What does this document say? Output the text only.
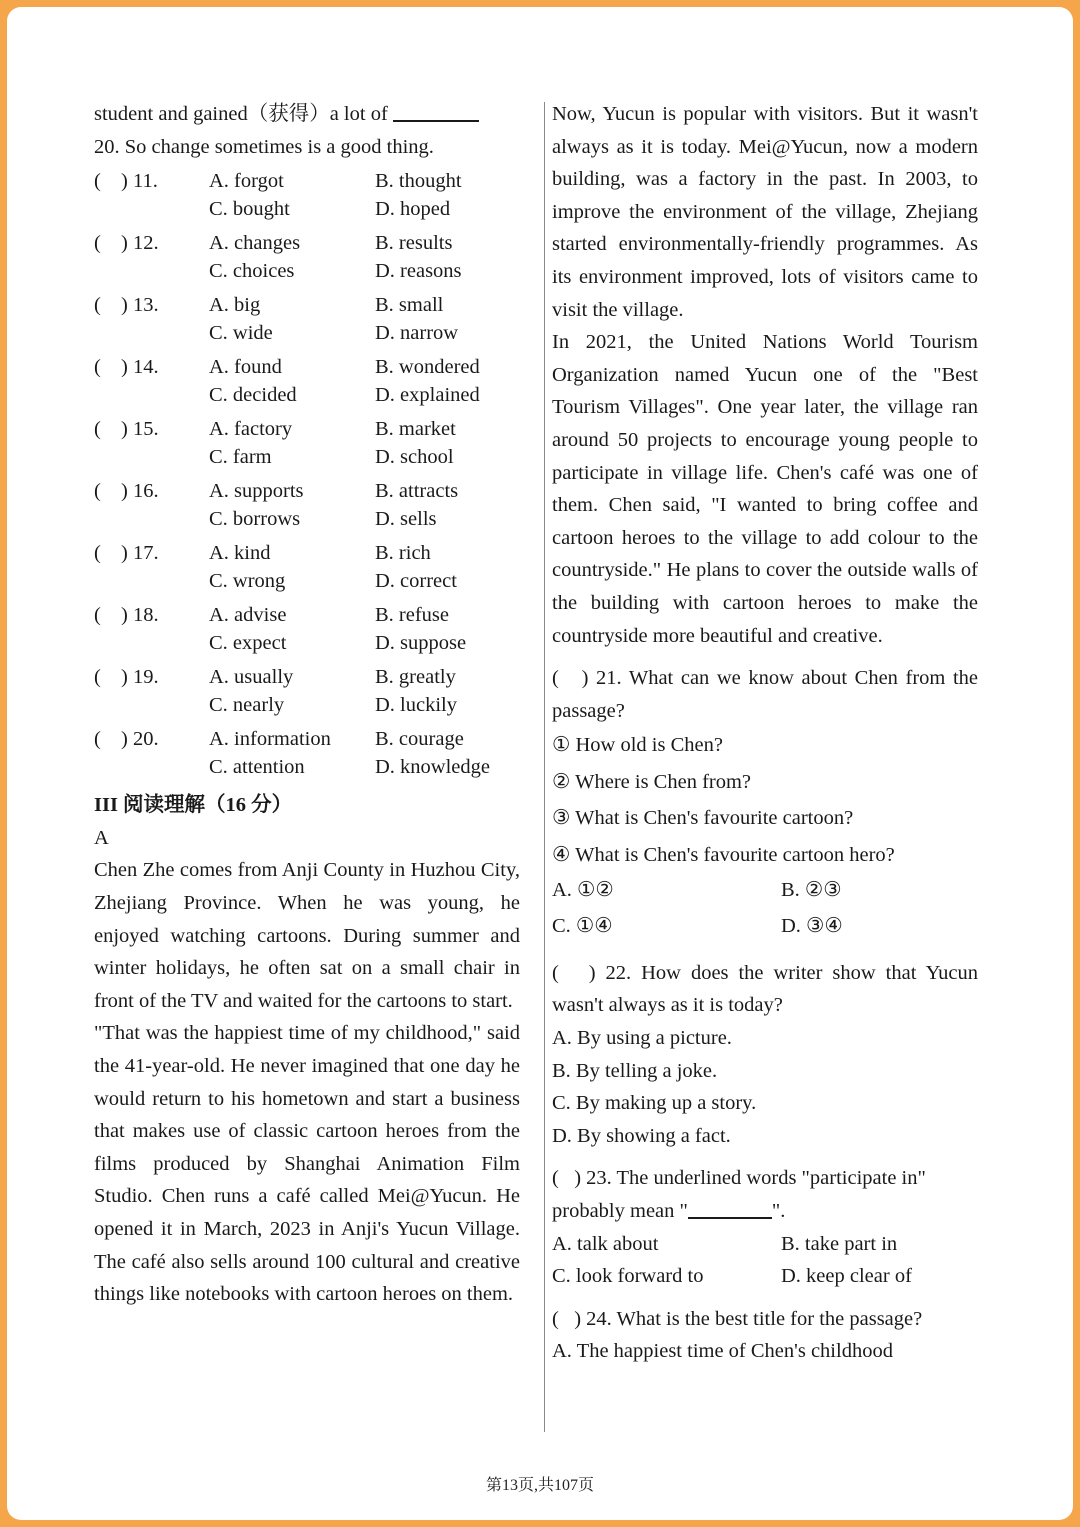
student and gained（获得）a lot of
20. So change sometimes is a good thing.
( ) 11. A. forgot	B. thought
C. bought	D. hoped
( ) 12. A. changes	B. results
C. choices	D. reasons
( ) 13. A. big	B. small
C. wide	D. narrow
( ) 14. A. found	B. wondered
C. decided	D. explained
( ) 15. A. factory	B. market
C. farm	D. school
( ) 16. A. supports	B. attracts
C. borrows	D. sells
( ) 17. A. kind	B. rich
C. wrong	D. correct
( ) 18. A. advise	B. refuse
C. expect	D. suppose
( ) 19. A. usually	B. greatly
C. nearly	D. luckily
( ) 20. A. information B. courage
C. attention	D. knowledge
III 阅读理解（16 分）
A
Chen Zhe comes from Anji County in Huzhou City, Zhejiang Province. When he was young, he enjoyed watching cartoons. During summer and winter holidays, he often sat on a small chair in front of the TV and waited for the cartoons to start.
"That was the happiest time of my childhood," said the 41-year-old. He never imagined that one day he would return to his hometown and start a business that makes use of classic cartoon heroes from the films produced by Shanghai Animation Film Studio. Chen runs a café called Mei@Yucun. He opened it in March, 2023 in Anji's Yucun Village. The café also sells around 100 cultural and creative things like notebooks with cartoon heroes on them.
Now, Yucun is popular with visitors. But it wasn't always as it is today. Mei@Yucun, now a modern building, was a factory in the past. In 2003, to improve the environment of the village, Zhejiang started environmentally-friendly programmes. As its environment improved, lots of visitors came to visit the village.
In 2021, the United Nations World Tourism Organization named Yucun one of the "Best Tourism Villages". One year later, the village ran around 50 projects to encourage young people to participate in village life. Chen's café was one of them. Chen said, "I wanted to bring coffee and cartoon heroes to the village to add colour to the countryside." He plans to cover the outside walls of the building with cartoon heroes to make the countryside more beautiful and creative.
(   ) 21. What can we know about Chen from the passage?
① How old is Chen?
② Where is Chen from?
③ What is Chen's favourite cartoon?
④ What is Chen's favourite cartoon hero?
A. ①②	B. ②③
C. ①④	D. ③④
(   ) 22. How does the writer show that Yucun wasn't always as it is today?
A. By using a picture.
B. By telling a joke.
C. By making up a story.
D. By showing a fact.
(   ) 23. The underlined words "participate in"
probably mean "	".
A. talk about	B. take part in
C. look forward to	D. keep clear of
(   ) 24. What is the best title for the passage?
A. The happiest time of Chen's childhood
第13页,共107页
